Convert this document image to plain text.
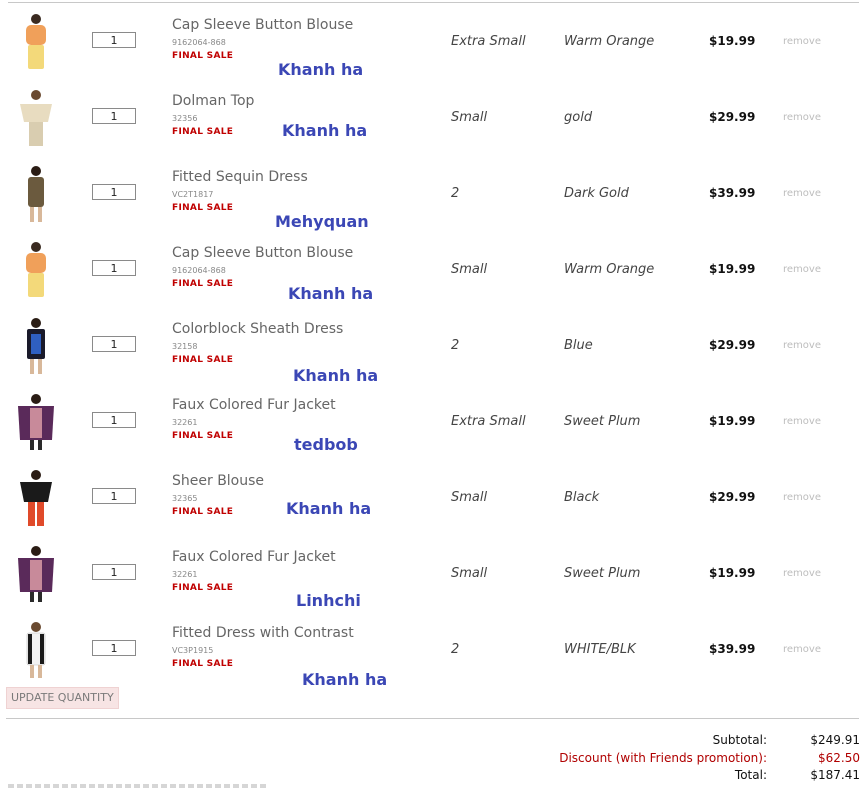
1
Cap Sleeve Button Blouse
9162064-868
FINAL SALE
Khanh ha
Extra Small	Warm Orange	$19.99	remove
1
Dolman Top
32356
FINAL SALE	Khanh ha
Small	gold	$29.99	remove
1
Fitted Sequin Dress
VC2T1817
FINAL SALE
Mehyquan
2	Dark Gold	$39.99	remove
1
Cap Sleeve Button Blouse
9162064-868
FINAL SALE	Khanh ha
Small	Warm Orange	$19.99	remove
1
Colorblock Sheath Dress
32158
FINAL SALE
Khanh ha
2	Blue	$29.99	remove
1
Faux Colored Fur Jacket
32261
FINAL SALE	tedbob
Extra Small	Sweet Plum	$19.99	remove
1
Sheer Blouse
32365
FINAL SALE	Khanh ha
Small	Black	$29.99	remove
1
Faux Colored Fur Jacket
32261
FINAL SALE
Linhchi
Small	Sweet Plum	$19.99	remove
1
Fitted Dress with Contrast
VC3P1915
FINAL SALE
Khanh ha
2	WHITE/BLK	$39.99	remove
UPDATE QUANTITY
Subtotal:	$249.91
Discount (with Friends promotion):	$62.50
Total:	$187.41
